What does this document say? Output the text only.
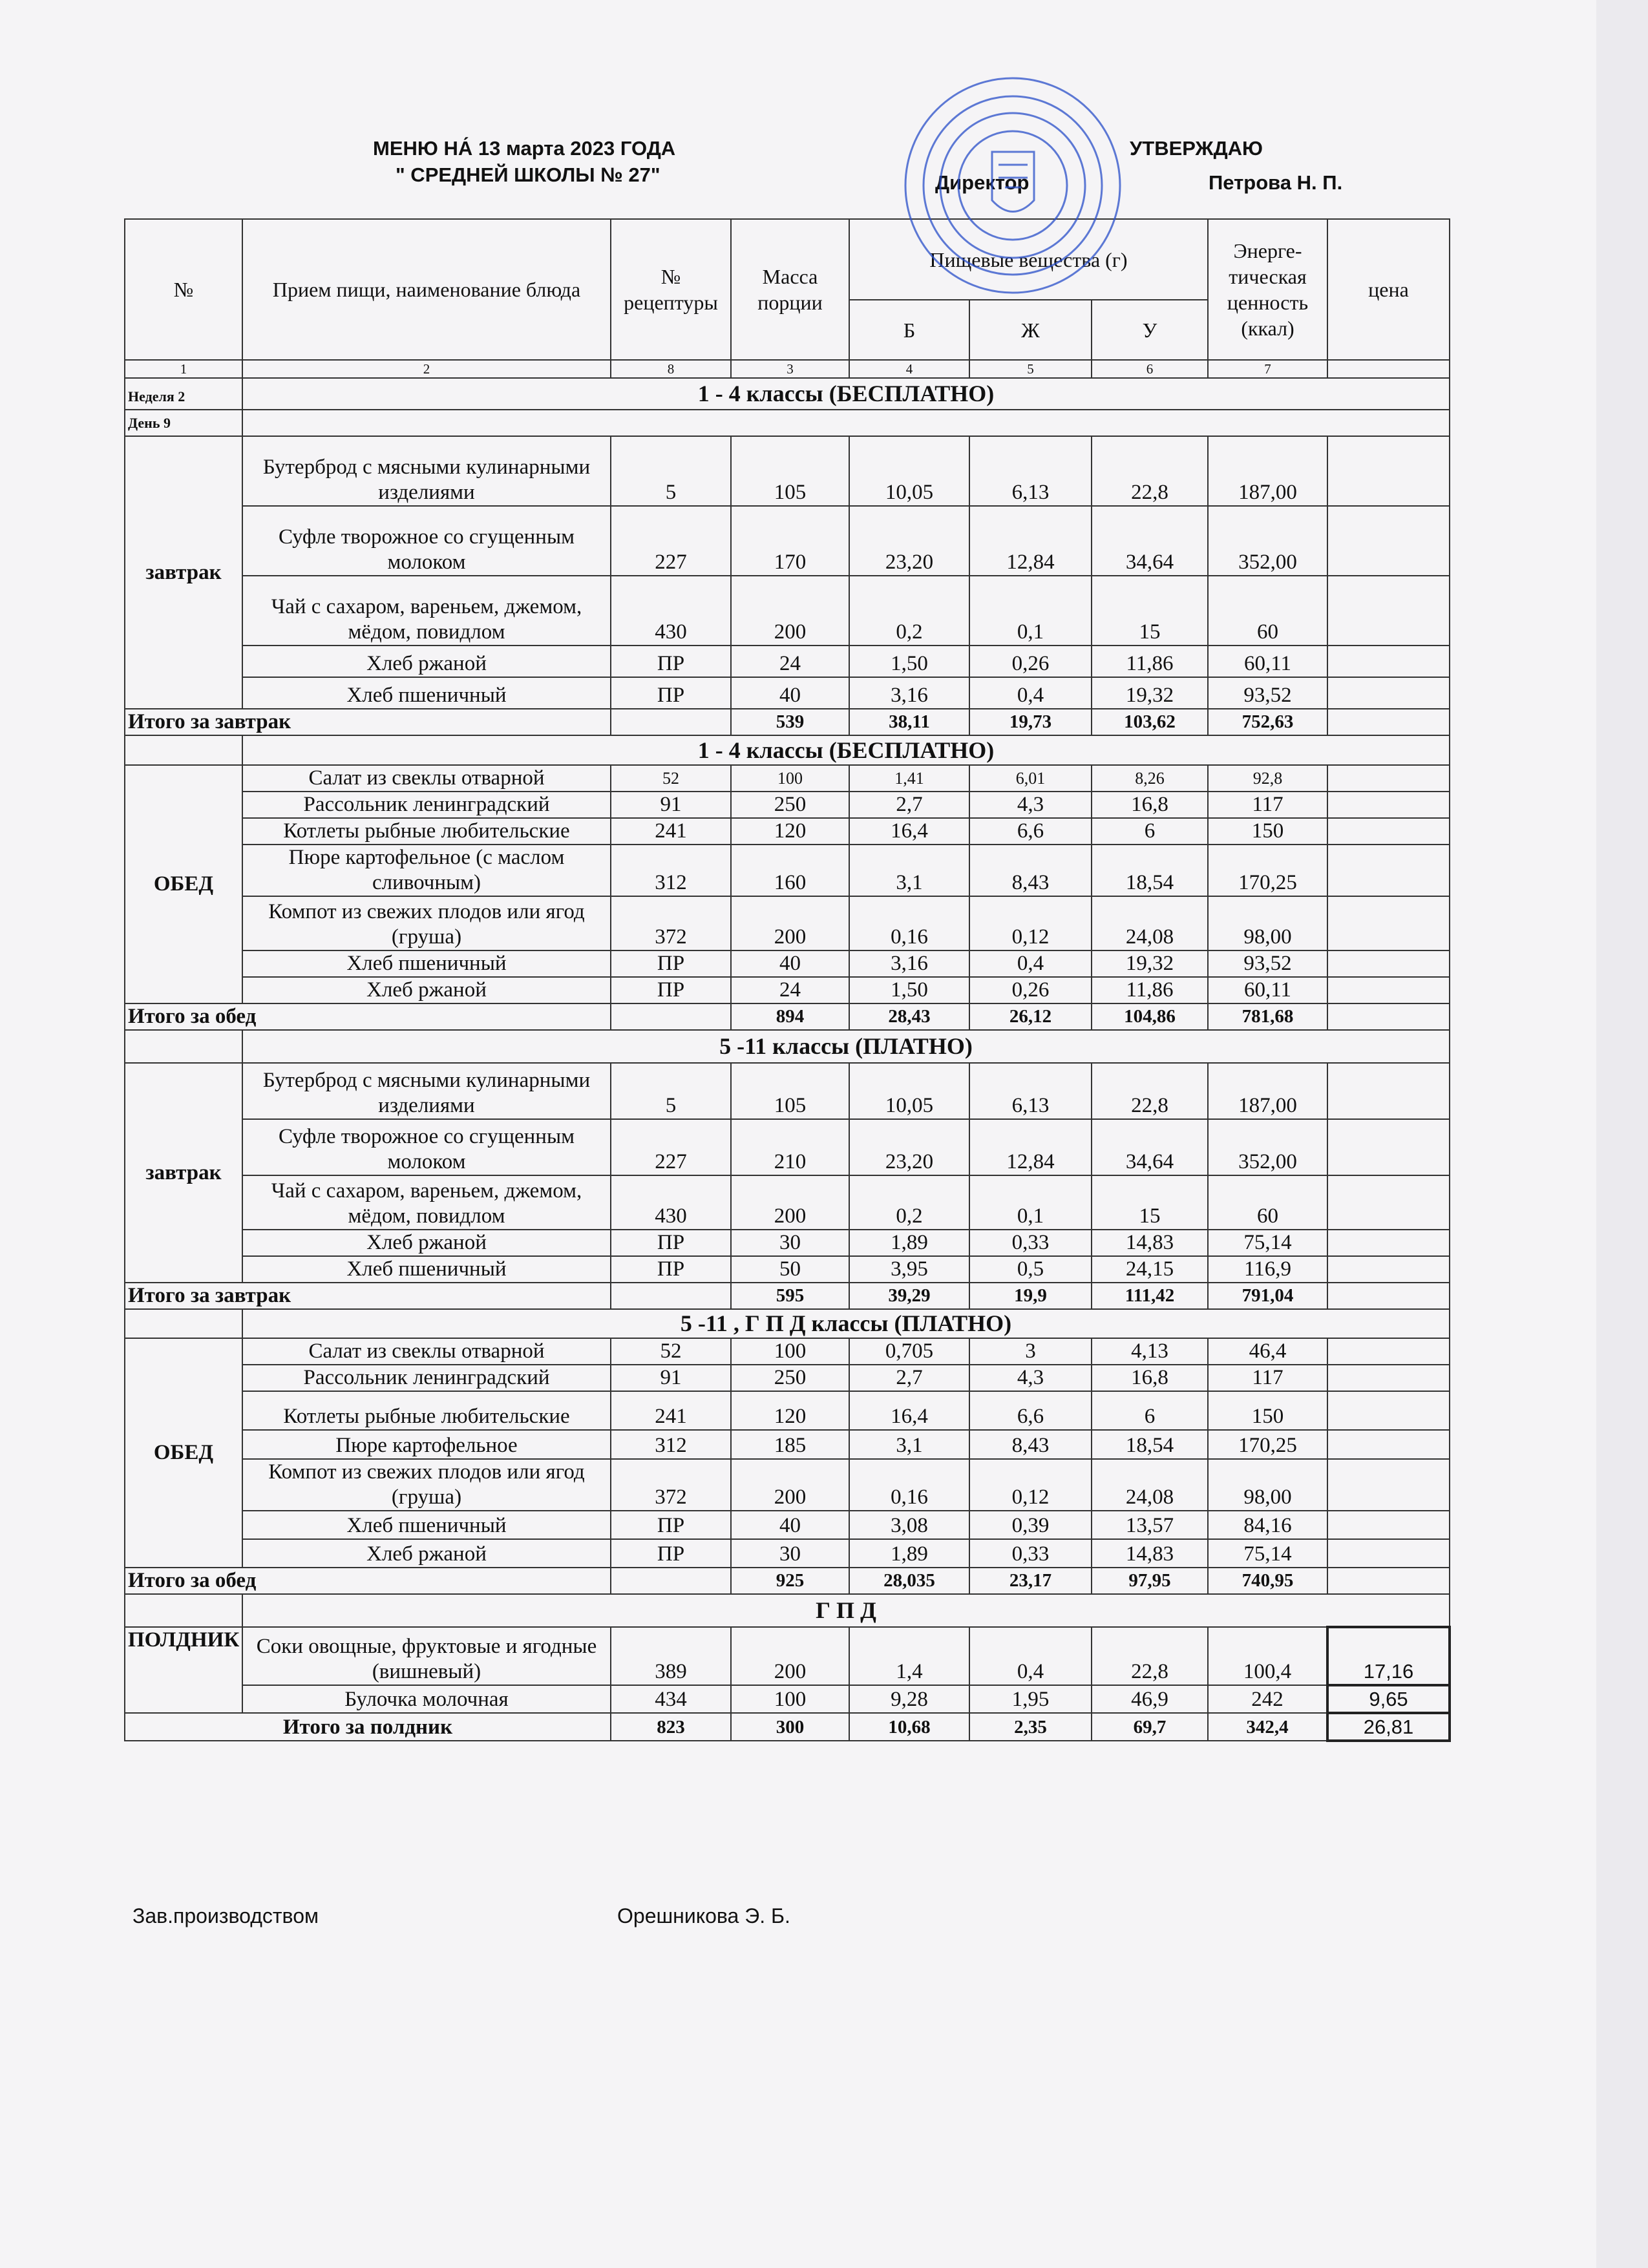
МЕНЮ НА́ 13 марта 2023 ГОДА
" СРЕДНЕЙ ШКОЛЫ № 27"
УТВЕРЖДАЮ
Директор	Петрова Н. П.
№	Прием пищи, наименование блюда	№ рецептуры	Масса порции	Пищевые вещества (г)			Энерге-тическая ценность (ккал)	цена
				Б	Ж	У		
1	2	8	3	4	5	6	7	
Неделя 2	1 - 4 классы (БЕСПЛАТНО)							
День 9								
завтрак	Бутерброд с мясными кулинарными изделиями	5	105	10,05	6,13	22,8	187,00	
	Суфле творожное со сгущенным молоком	227	170	23,20	12,84	34,64	352,00	
	Чай с сахаром, вареньем, джемом, мёдом, повидлом	430	200	0,2	0,1	15	60	
	Хлеб ржаной	ПР	24	1,50	0,26	11,86	60,11	
	Хлеб пшеничный	ПР	40	3,16	0,4	19,32	93,52	
Итого за завтрак			539	38,11	19,73	103,62	752,63	
	1 - 4 классы (БЕСПЛАТНО)							
ОБЕД	Салат из свеклы отварной	52	100	1,41	6,01	8,26	92,8	
	Рассольник ленинградский	91	250	2,7	4,3	16,8	117	
	Котлеты рыбные любительские	241	120	16,4	6,6	6	150	
	Пюре картофельное (с маслом сливочным)	312	160	3,1	8,43	18,54	170,25	
	Компот из свежих плодов или ягод (груша)	372	200	0,16	0,12	24,08	98,00	
	Хлеб пшеничный	ПР	40	3,16	0,4	19,32	93,52	
	Хлеб ржаной	ПР	24	1,50	0,26	11,86	60,11	
Итого за обед			894	28,43	26,12	104,86	781,68	
	5 -11 классы (ПЛАТНО)							
завтрак	Бутерброд с мясными кулинарными изделиями	5	105	10,05	6,13	22,8	187,00	
	Суфле творожное со сгущенным молоком	227	210	23,20	12,84	34,64	352,00	
	Чай с сахаром, вареньем, джемом, мёдом, повидлом	430	200	0,2	0,1	15	60	
	Хлеб ржаной	ПР	30	1,89	0,33	14,83	75,14	
	Хлеб пшеничный	ПР	50	3,95	0,5	24,15	116,9	
Итого за завтрак			595	39,29	19,9	111,42	791,04	
	5 -11 , Г П Д классы (ПЛАТНО)							
ОБЕД	Салат из свеклы отварной	52	100	0,705	3	4,13	46,4	
	Рассольник ленинградский	91	250	2,7	4,3	16,8	117	
	Котлеты рыбные любительские	241	120	16,4	6,6	6	150	
	Пюре картофельное	312	185	3,1	8,43	18,54	170,25	
	Компот из свежих плодов или ягод (груша)	372	200	0,16	0,12	24,08	98,00	
	Хлеб пшеничный	ПР	40	3,08	0,39	13,57	84,16	
	Хлеб ржаной	ПР	30	1,89	0,33	14,83	75,14	
Итого за обед			925	28,035	23,17	97,95	740,95	
	Г П Д							
ПОЛДНИК	Соки овощные, фруктовые и ягодные (вишневый)	389	200	1,4	0,4	22,8	100,4	17,16
	Булочка молочная	434	100	9,28	1,95	46,9	242	9,65
Итого за полдник		823	300	10,68	2,35	69,7	342,4	26,81
Зав.производством	Орешникова Э. Б.
